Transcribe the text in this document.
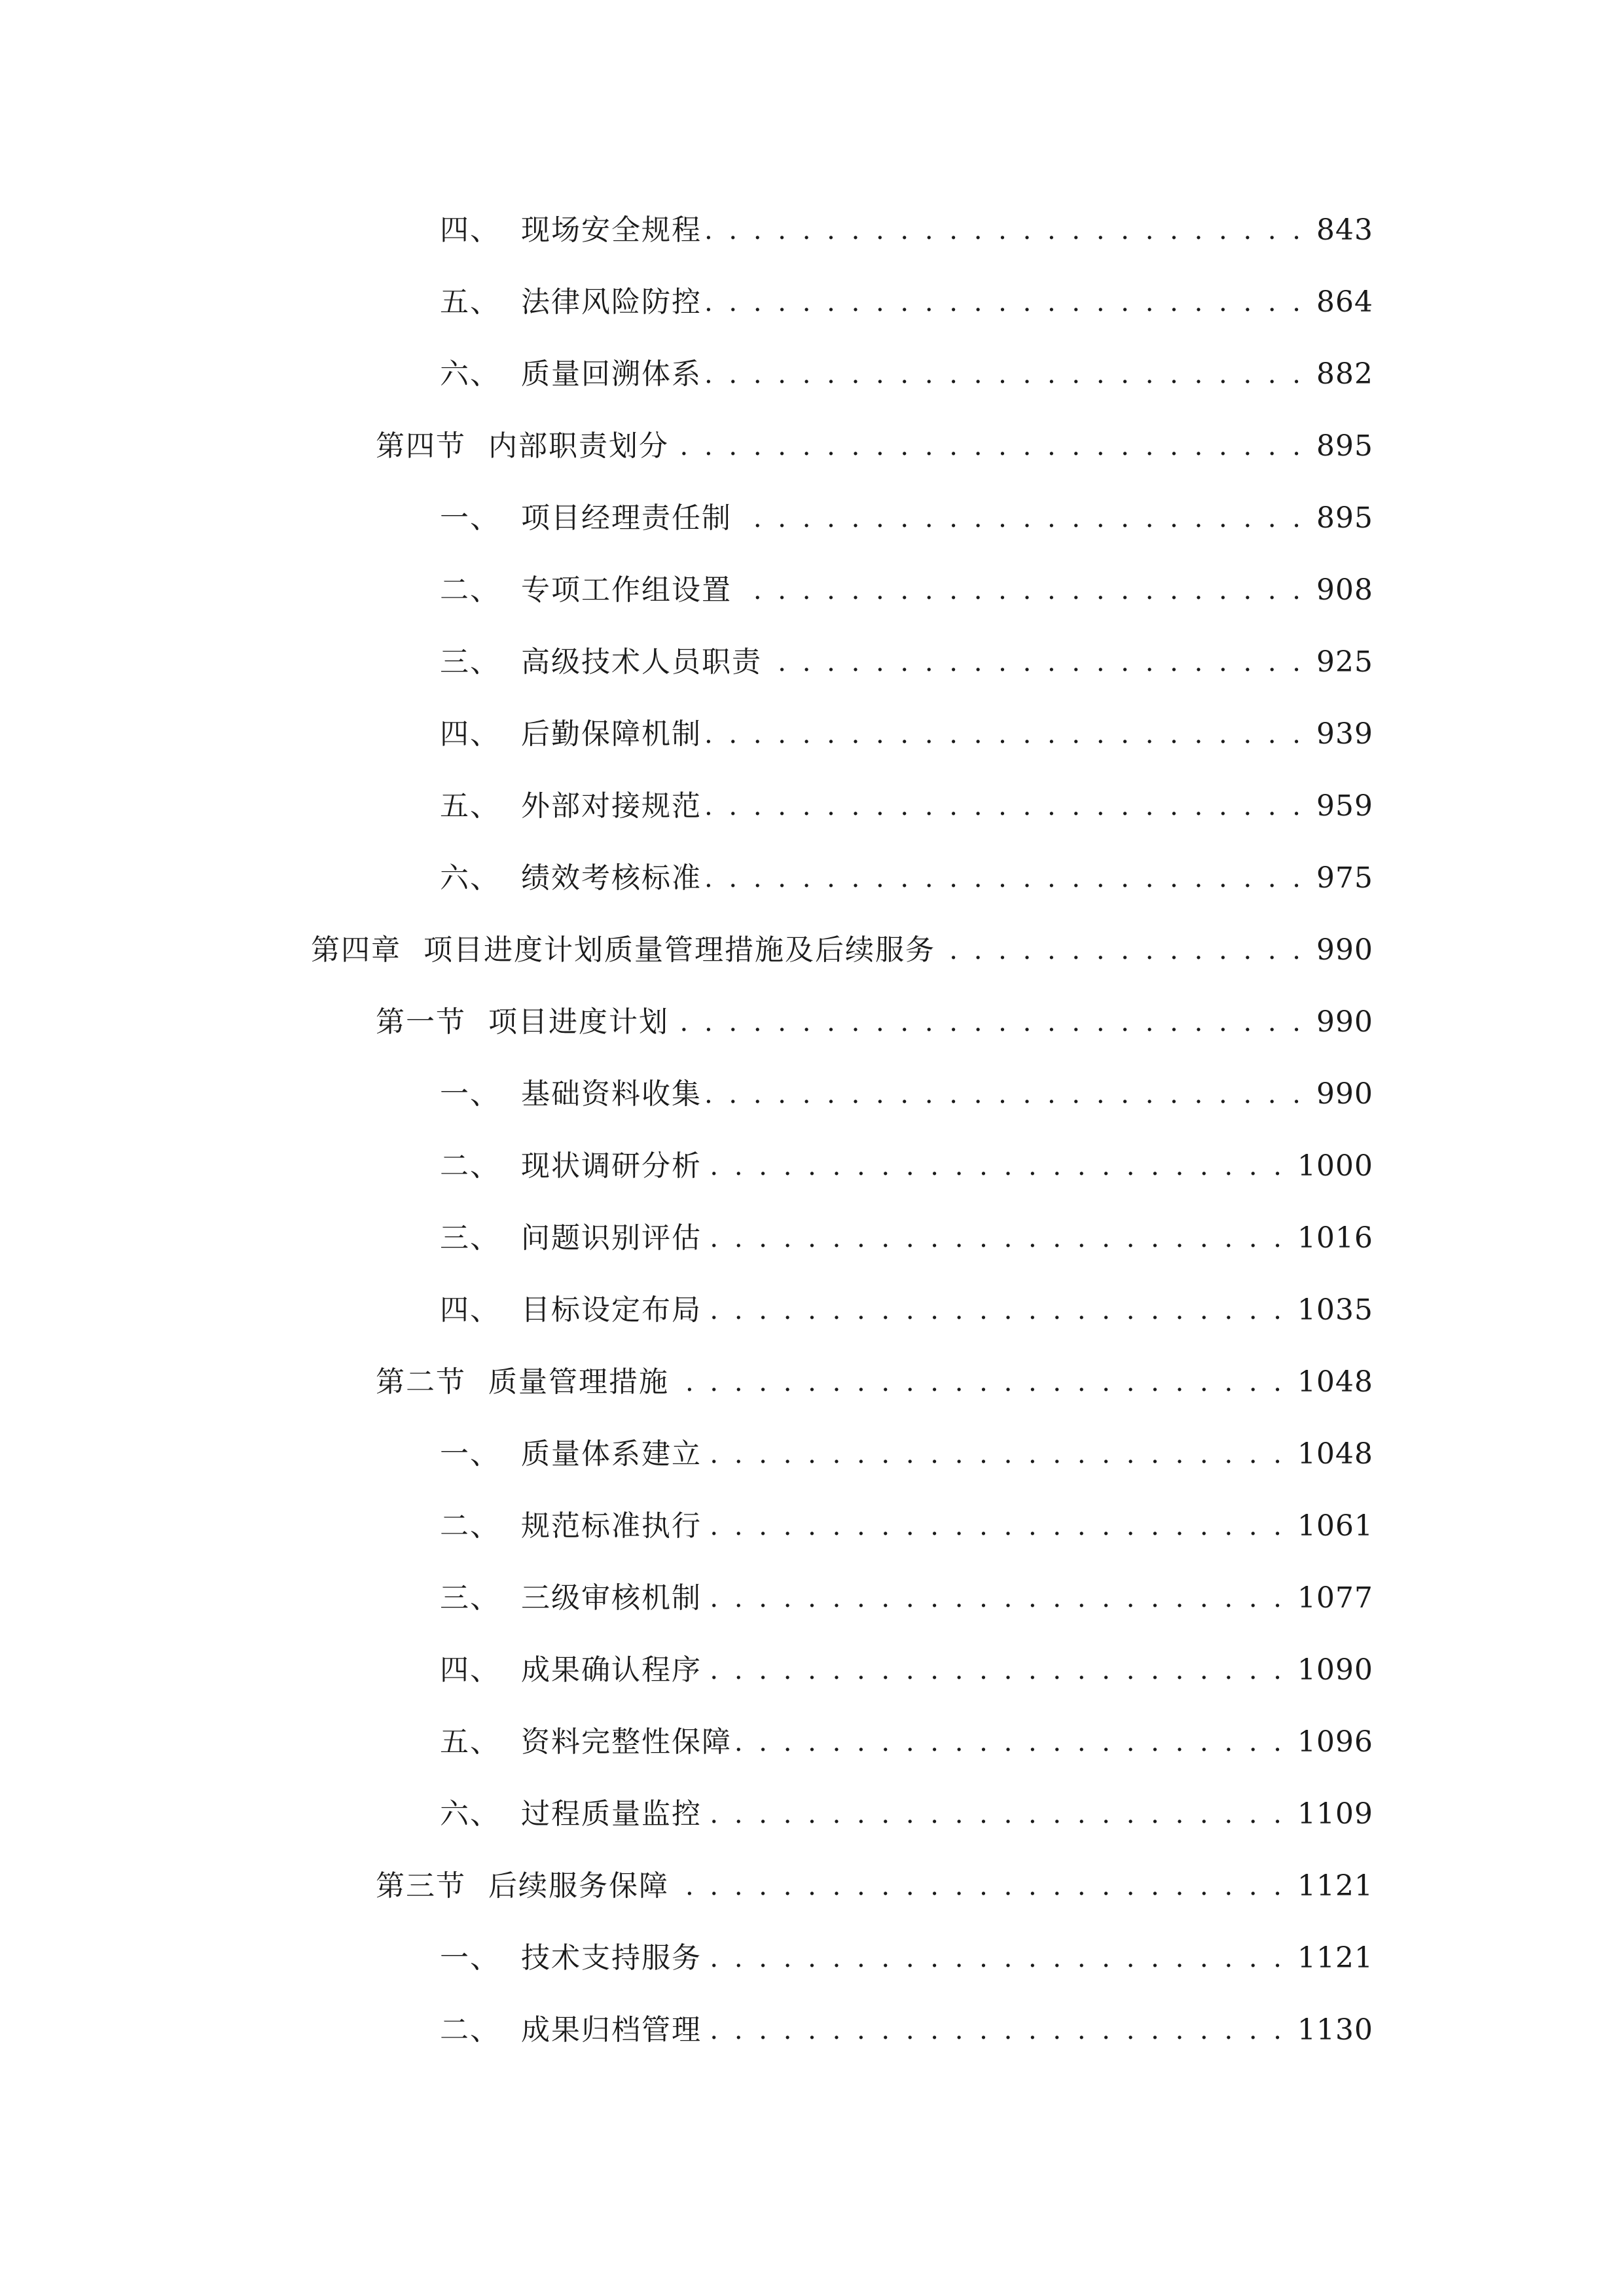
四、 现场安全规程 . . .	843
五、 法律风险防控 . . .	864
六、 质量回溯体系 . . .	882
第四节 内部职责划分 . . .	895
一、 项目经理责任制 . . .	895
二、 专项工作组设置 . . .	908
三、 高级技术人员职责 . . .	925
四、 后勤保障机制 . . .	939
五、 外部对接规范 . . .	959
六、 绩效考核标准 . . .	975
第四章 项目进度计划质量管理措施及后续服务 . . .	990
第一节 项目进度计划 . . .	990
一、 基础资料收集 . . .	990
二、 现状调研分析 . . .	1000
三、 问题识别评估 . . .	1016
四、 目标设定布局 . . .	1035
第二节 质量管理措施 . . .	1048
一、 质量体系建立 . . .	1048
二、 规范标准执行 . . .	1061
三、 三级审核机制 . . .	1077
四、 成果确认程序 . . .	1090
五、 资料完整性保障 . . .	1096
六、 过程质量监控 . . .	1109
第三节 后续服务保障 . . .	1121
一、 技术支持服务 . . .	1121
二、 成果归档管理 . . .	1130
